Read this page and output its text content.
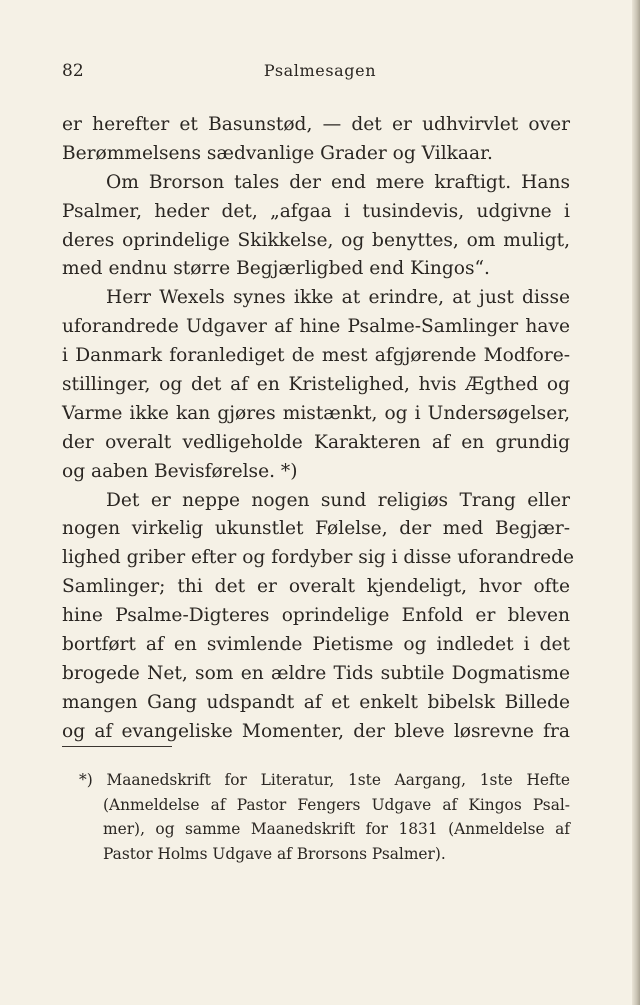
Psalmesagen
82
er herefter et Basunstød, — det er udhvirvlet over
Berømmelsens sædvanlige Grader og Vilkaar.
Om Brorson tales der end mere kraftigt. Hans
Psalmer, heder det, „afgaa i tusindevis, udgivne i
deres oprindelige Skikkelse, og benyttes, om muligt,
med endnu større Begjærligbed end Kingos“.
Herr Wexels synes ikke at erindre, at just disse
uforandrede Udgaver af hine Psalme-Samlinger have
i Danmark foranlediget de mest afgjørende Modfore-
stillinger, og det af en Kristelighed, hvis Ægthed og
Varme ikke kan gjøres mistænkt, og i Undersøgelser,
der overalt vedligeholde Karakteren af en grundig
og aaben Bevisførelse. *)
Det er neppe nogen sund religiøs Trang eller
nogen virkelig ukunstlet Følelse, der med Begjær-
lighed griber efter og fordyber sig i disse uforandrede
Samlinger; thi det er overalt kjendeligt, hvor ofte
hine Psalme-Digteres oprindelige Enfold er bleven
bortført af en svimlende Pietisme og indledet i det
brogede Net, som en ældre Tids subtile Dogmatisme
mangen Gang udspandt af et enkelt bibelsk Billede
og af evangeliske Momenter, der bleve løsrevne fra
*) Maanedskrift for Literatur, 1ste Aargang, 1ste Hefte
(Anmeldelse af Pastor Fengers Udgave af Kingos Psal-
mer), og samme Maanedskrift for 1831 (Anmeldelse af
Pastor Holms Udgave af Brorsons Psalmer).
